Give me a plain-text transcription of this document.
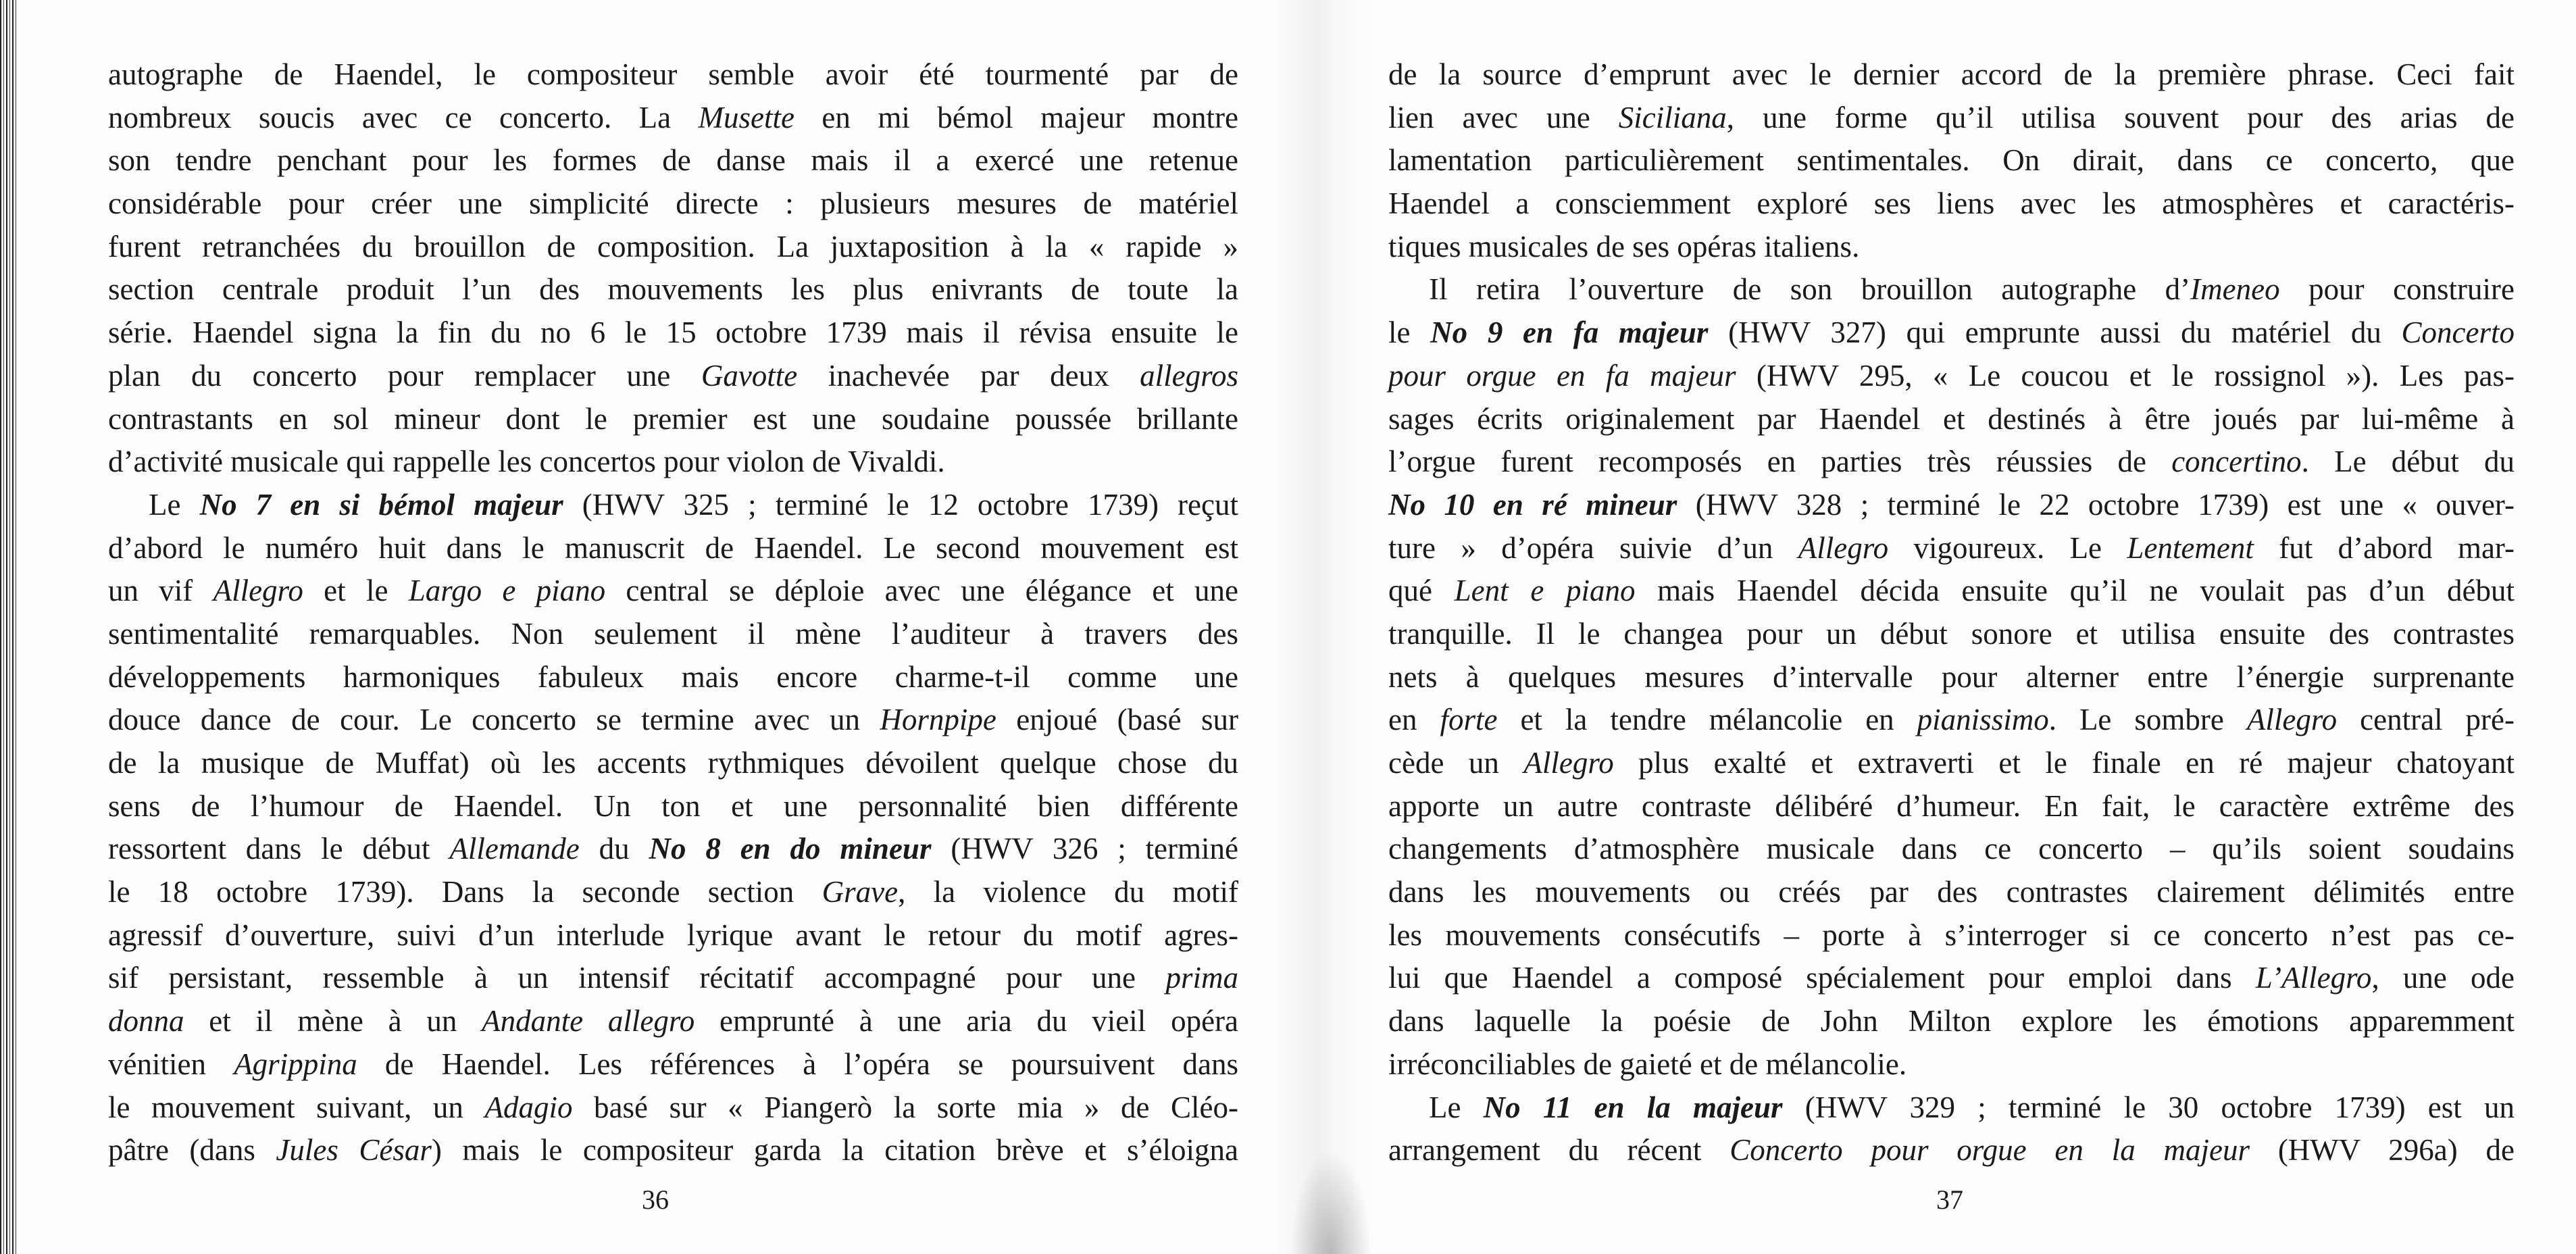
autographe de Haendel, le compositeur semble avoir été tourmenté par de
nombreux soucis avec ce concerto. La Musette en mi bémol majeur montre
son tendre penchant pour les formes de danse mais il a exercé une retenue
considérable pour créer une simplicité directe : plusieurs mesures de matériel
furent retranchées du brouillon de composition. La juxtaposition à la « rapide »
section centrale produit l’un des mouvements les plus enivrants de toute la
série. Haendel signa la fin du no 6 le 15 octobre 1739 mais il révisa ensuite le
plan du concerto pour remplacer une Gavotte inachevée par deux allegros
contrastants en sol mineur dont le premier est une soudaine poussée brillante
d’activité musicale qui rappelle les concertos pour violon de Vivaldi.
Le No 7 en si bémol majeur (HWV 325 ; terminé le 12 octobre 1739) reçut
d’abord le numéro huit dans le manuscrit de Haendel. Le second mouvement est
un vif Allegro et le Largo e piano central se déploie avec une élégance et une
sentimentalité remarquables. Non seulement il mène l’auditeur à travers des
développements harmoniques fabuleux mais encore charme-t-il comme une
douce dance de cour. Le concerto se termine avec un Hornpipe enjoué (basé sur
de la musique de Muffat) où les accents rythmiques dévoilent quelque chose du
sens de l’humour de Haendel. Un ton et une personnalité bien différente
ressortent dans le début Allemande du No 8 en do mineur (HWV 326 ; terminé
le 18 octobre 1739). Dans la seconde section Grave, la violence du motif
agressif d’ouverture, suivi d’un interlude lyrique avant le retour du motif agres-
sif persistant, ressemble à un intensif récitatif accompagné pour une prima
donna et il mène à un Andante allegro emprunté à une aria du vieil opéra
vénitien Agrippina de Haendel. Les références à l’opéra se poursuivent dans
le mouvement suivant, un Adagio basé sur « Piangerò la sorte mia » de Cléo-
pâtre (dans Jules César) mais le compositeur garda la citation brève et s’éloigna
de la source d’emprunt avec le dernier accord de la première phrase. Ceci fait
lien avec une Siciliana, une forme qu’il utilisa souvent pour des arias de
lamentation particulièrement sentimentales. On dirait, dans ce concerto, que
Haendel a consciemment exploré ses liens avec les atmosphères et caractéris-
tiques musicales de ses opéras italiens.
Il retira l’ouverture de son brouillon autographe d’Imeneo pour construire
le No 9 en fa majeur (HWV 327) qui emprunte aussi du matériel du Concerto
pour orgue en fa majeur (HWV 295, « Le coucou et le rossignol »). Les pas-
sages écrits originalement par Haendel et destinés à être joués par lui-même à
l’orgue furent recomposés en parties très réussies de concertino. Le début du
No 10 en ré mineur (HWV 328 ; terminé le 22 octobre 1739) est une « ouver-
ture » d’opéra suivie d’un Allegro vigoureux. Le Lentement fut d’abord mar-
qué Lent e piano mais Haendel décida ensuite qu’il ne voulait pas d’un début
tranquille. Il le changea pour un début sonore et utilisa ensuite des contrastes
nets à quelques mesures d’intervalle pour alterner entre l’énergie surprenante
en forte et la tendre mélancolie en pianissimo. Le sombre Allegro central pré-
cède un Allegro plus exalté et extraverti et le finale en ré majeur chatoyant
apporte un autre contraste délibéré d’humeur. En fait, le caractère extrême des
changements d’atmosphère musicale dans ce concerto – qu’ils soient soudains
dans les mouvements ou créés par des contrastes clairement délimités entre
les mouvements consécutifs – porte à s’interroger si ce concerto n’est pas ce-
lui que Haendel a composé spécialement pour emploi dans L’Allegro, une ode
dans laquelle la poésie de John Milton explore les émotions apparemment
irréconciliables de gaieté et de mélancolie.
Le No 11 en la majeur (HWV 329 ; terminé le 30 octobre 1739) est un
arrangement du récent Concerto pour orgue en la majeur (HWV 296a) de
36	37
